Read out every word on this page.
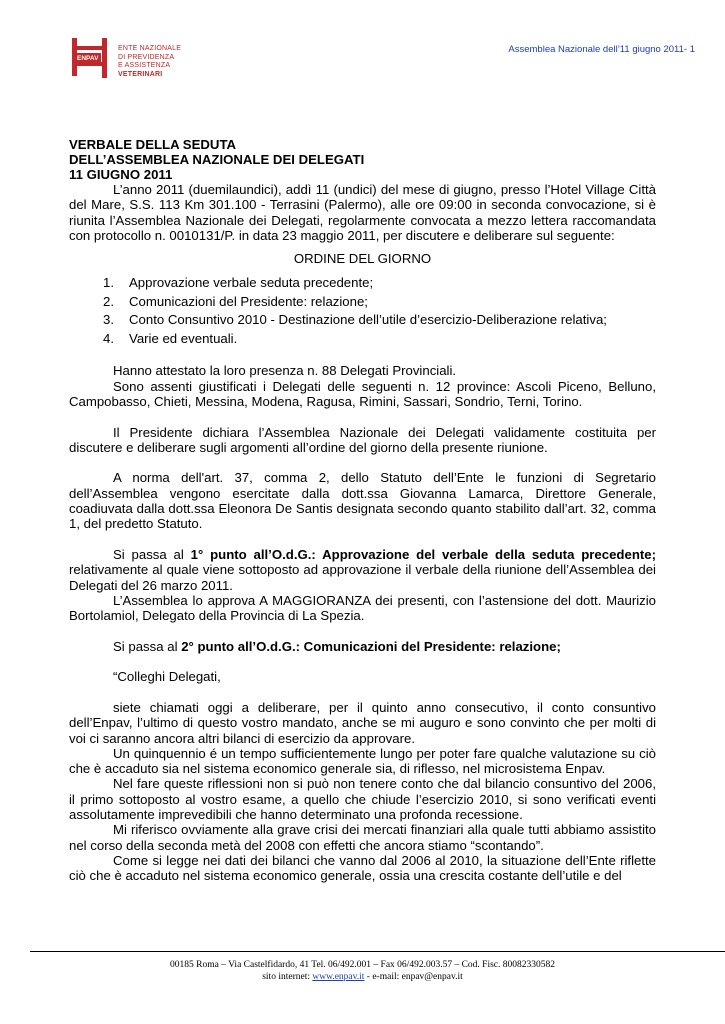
ENPAV
ENTE NAZIONALE
DI PREVIDENZA
E ASSISTENZA VETERINARI
Assemblea Nazionale dell’11 giugno 2011- 1

VERBALE DELLA SEDUTA

DELL’ASSEMBLEA NAZIONALE DEI DELEGATI

11 GIUGNO 2011

L’anno 2011 (duemilaundici), addì 11 (undici) del mese di giugno, presso l’Hotel Village Città del Mare, S.S. 113 Km 301.100 - Terrasini (Palermo), alle ore 09:00 in seconda convocazione, si è riunita l’Assemblea Nazionale dei Delegati, regolarmente convocata a mezzo lettera raccomandata con protocollo n. 0010131/P. in data 23 maggio 2011, per discutere e deliberare sul seguente:

ORDINE DEL GIORNO

1. Approvazione verbale seduta precedente;
2. Comunicazioni del Presidente: relazione;
3. Conto Consuntivo 2010 - Destinazione dell’utile d’esercizio-Deliberazione relativa;
4. Varie ed eventuali.

Hanno attestato la loro presenza n. 88 Delegati Provinciali.

Sono assenti giustificati i Delegati delle seguenti n. 12 province: Ascoli Piceno, Belluno, Campobasso, Chieti, Messina, Modena, Ragusa, Rimini, Sassari, Sondrio, Terni, Torino.

Il Presidente dichiara l’Assemblea Nazionale dei Delegati validamente costituita per discutere e deliberare sugli argomenti all’ordine del giorno della presente riunione.

A norma dell'art. 37, comma 2, dello Statuto dell’Ente le funzioni di Segretario dell’Assemblea vengono esercitate dalla dott.ssa Giovanna Lamarca, Direttore Generale, coadiuvata dalla dott.ssa Eleonora De Santis designata secondo quanto stabilito dall’art. 32, comma 1, del predetto Statuto.

Si passa al 1° punto all’O.d.G.: Approvazione del verbale della seduta precedente; relativamente al quale viene sottoposto ad approvazione il verbale della riunione dell’Assemblea dei Delegati del 26 marzo 2011.

L’Assemblea lo approva A MAGGIORANZA dei presenti, con l’astensione del dott. Maurizio Bortolamiol, Delegato della Provincia di La Spezia.

Si passa al 2° punto all’O.d.G.: Comunicazioni del Presidente: relazione;

“Colleghi Delegati,

siete chiamati oggi a deliberare, per il quinto anno consecutivo, il conto consuntivo dell’Enpav, l’ultimo di questo vostro mandato, anche se mi auguro e sono convinto che per molti di voi ci saranno ancora altri bilanci di esercizio da approvare.

Un quinquennio é un tempo sufficientemente lungo per poter fare qualche valutazione su ciò che è accaduto sia nel sistema economico generale sia, di riflesso, nel microsistema Enpav.

Nel fare queste riflessioni non si può non tenere conto che dal bilancio consuntivo del 2006, il primo sottoposto al vostro esame, a quello che chiude l’esercizio 2010, si sono verificati eventi assolutamente imprevedibili che hanno determinato una profonda recessione.

Mi riferisco ovviamente alla grave crisi dei mercati finanziari alla quale tutti abbiamo assistito nel corso della seconda metà del 2008 con effetti che ancora stiamo “scontando”.

Come si legge nei dati dei bilanci che vanno dal 2006 al 2010, la situazione dell’Ente riflette ciò che è accaduto nel sistema economico generale, ossia una crescita costante dell’utile e del

00185 Roma – Via Castelfidardo, 41 Tel. 06/492.001 – Fax 06/492.003.57 – Cod. Fisc. 80082330582
sito internet: www.enpav.it - e-mail: enpav@enpav.it
